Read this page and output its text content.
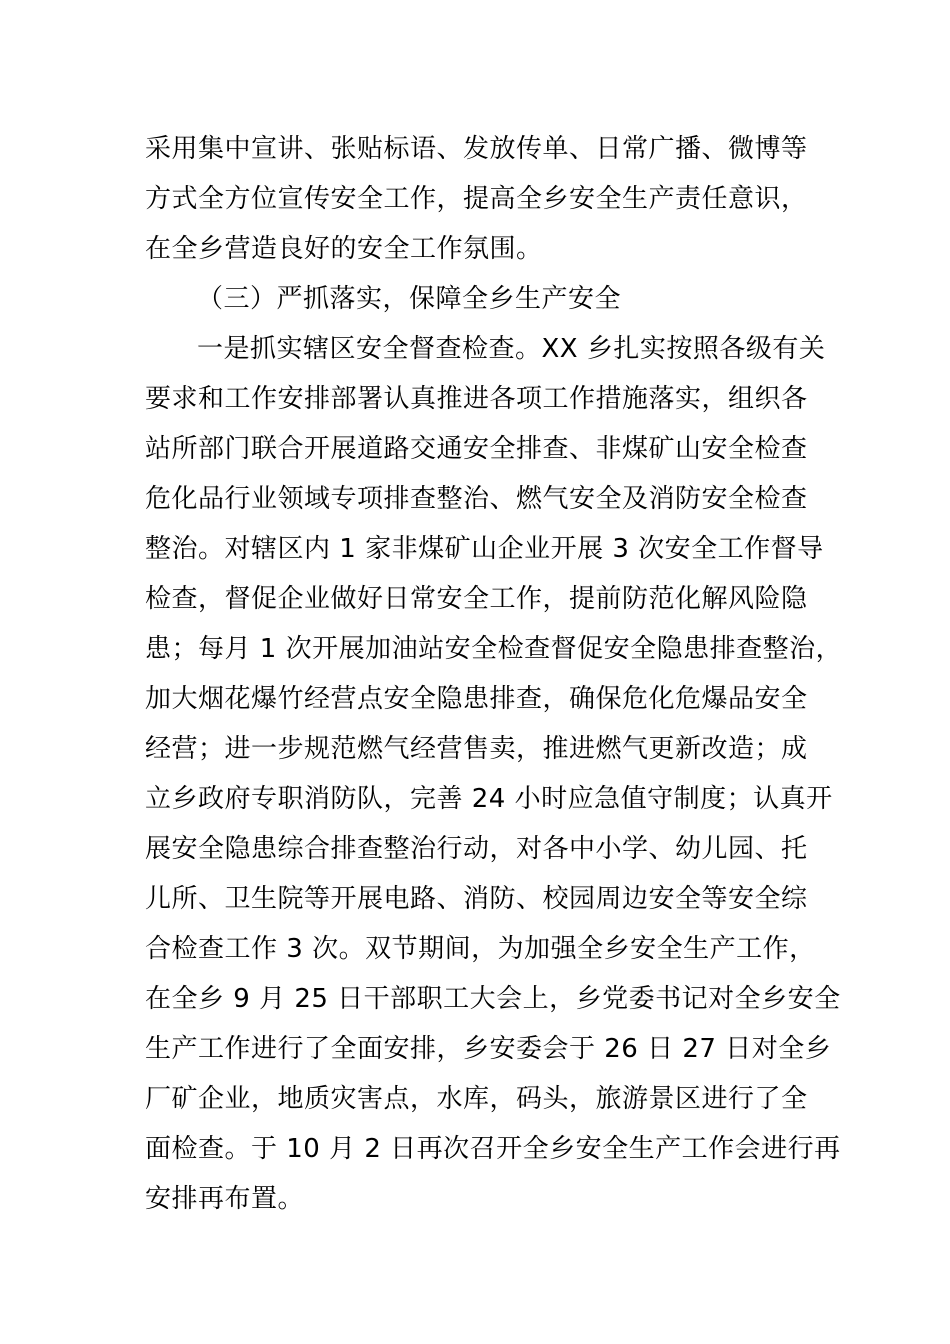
采用集中宣讲、张贴标语、发放传单、日常广播、微博等
方式全方位宣传安全工作，提高全乡安全生产责任意识，
在全乡营造良好的安全工作氛围。
（三）严抓落实，保障全乡生产安全
一是抓实辖区安全督查检查。XX 乡扎实按照各级有关
要求和工作安排部署认真推进各项工作措施落实，组织各
站所部门联合开展道路交通安全排查、非煤矿山安全检查
危化品行业领域专项排查整治、燃气安全及消防安全检查
整治。对辖区内 1 家非煤矿山企业开展 3 次安全工作督导
检查，督促企业做好日常安全工作，提前防范化解风险隐
患；每月 1 次开展加油站安全检查督促安全隐患排查整治，
加大烟花爆竹经营点安全隐患排查，确保危化危爆品安全
经营；进一步规范燃气经营售卖，推进燃气更新改造；成
立乡政府专职消防队，完善 24 小时应急值守制度；认真开
展安全隐患综合排查整治行动，对各中小学、幼儿园、托
儿所、卫生院等开展电路、消防、校园周边安全等安全综
合检查工作 3 次。双节期间，为加强全乡安全生产工作，
在全乡 9 月 25 日干部职工大会上，乡党委书记对全乡安全
生产工作进行了全面安排，乡安委会于 26 日 27 日对全乡
厂矿企业，地质灾害点，水库，码头，旅游景区进行了全
面检查。于 10 月 2 日再次召开全乡安全生产工作会进行再
安排再布置。
